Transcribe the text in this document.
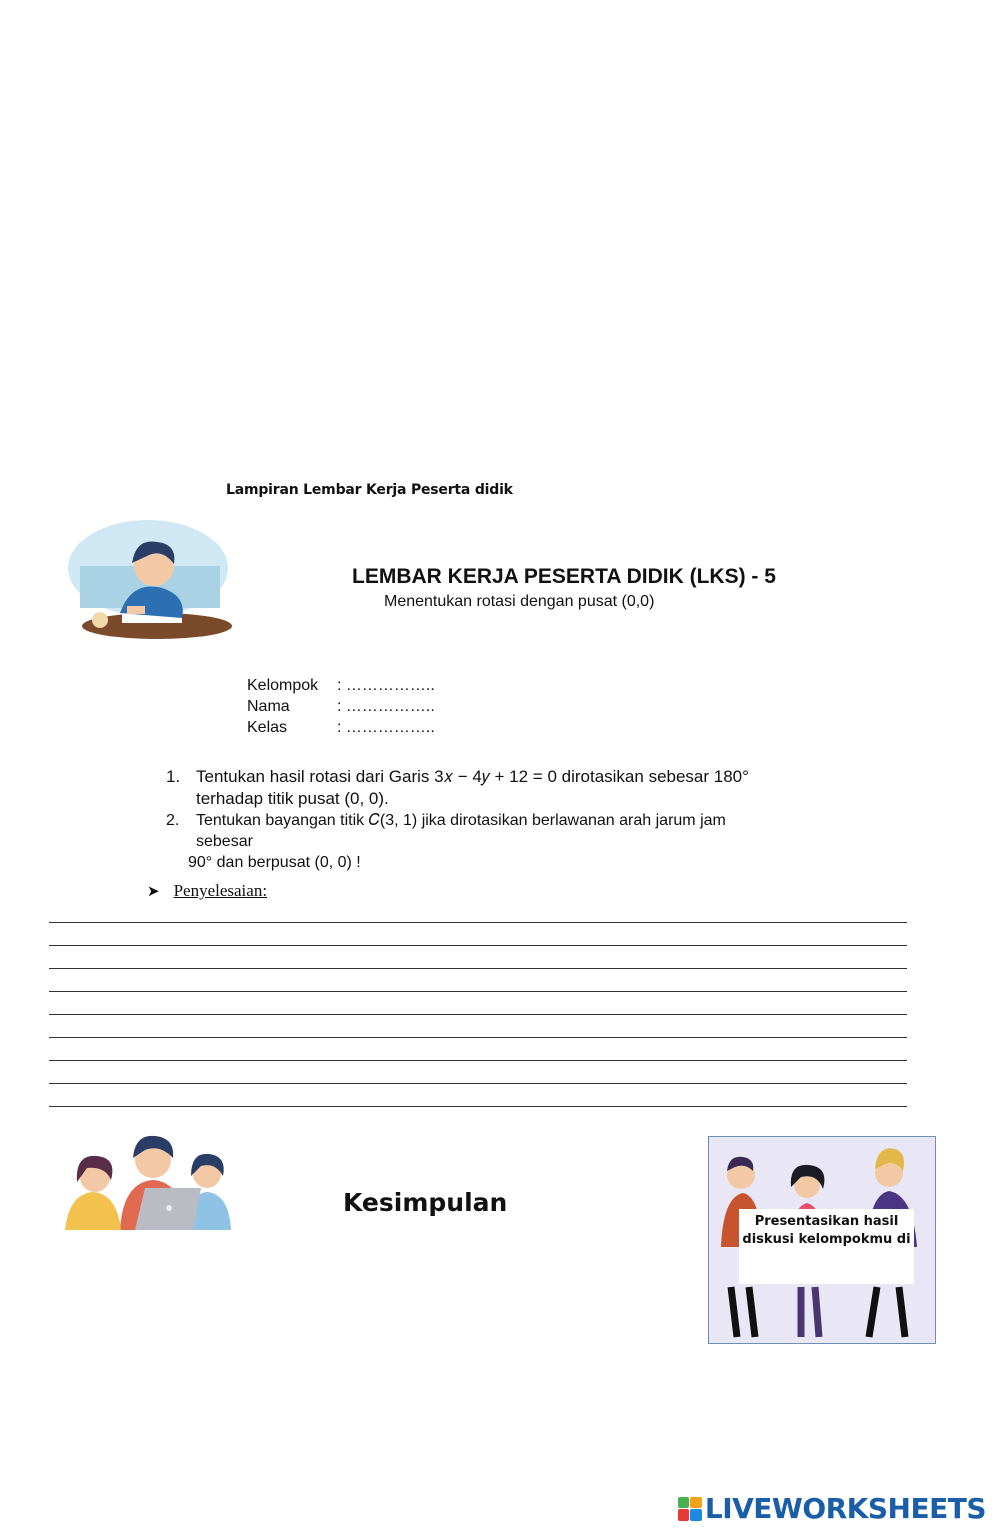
Lampiran Lembar Kerja Peserta didik
LEMBAR KERJA PESERTA DIDIK (LKS) - 5
Menentukan rotasi dengan pusat (0,0)
Kelompok	: ……………..
Nama	: ……………..
Kelas	: ……………..
1. Tentukan hasil rotasi dari Garis 3𝑥 − 4𝑦 + 12 = 0 dirotasikan sebesar 180°
terhadap titik pusat (0, 0).
2.	Tentukan bayangan titik 𝐶(3, 1) jika dirotasikan berlawanan arah jarum jam
sebesar
90° dan berpusat (0, 0) !
➤ Penyelesaian:
Kesimpulan
Presentasikan hasil
diskusi kelompokmu di
LIVEWORKSHEETS
